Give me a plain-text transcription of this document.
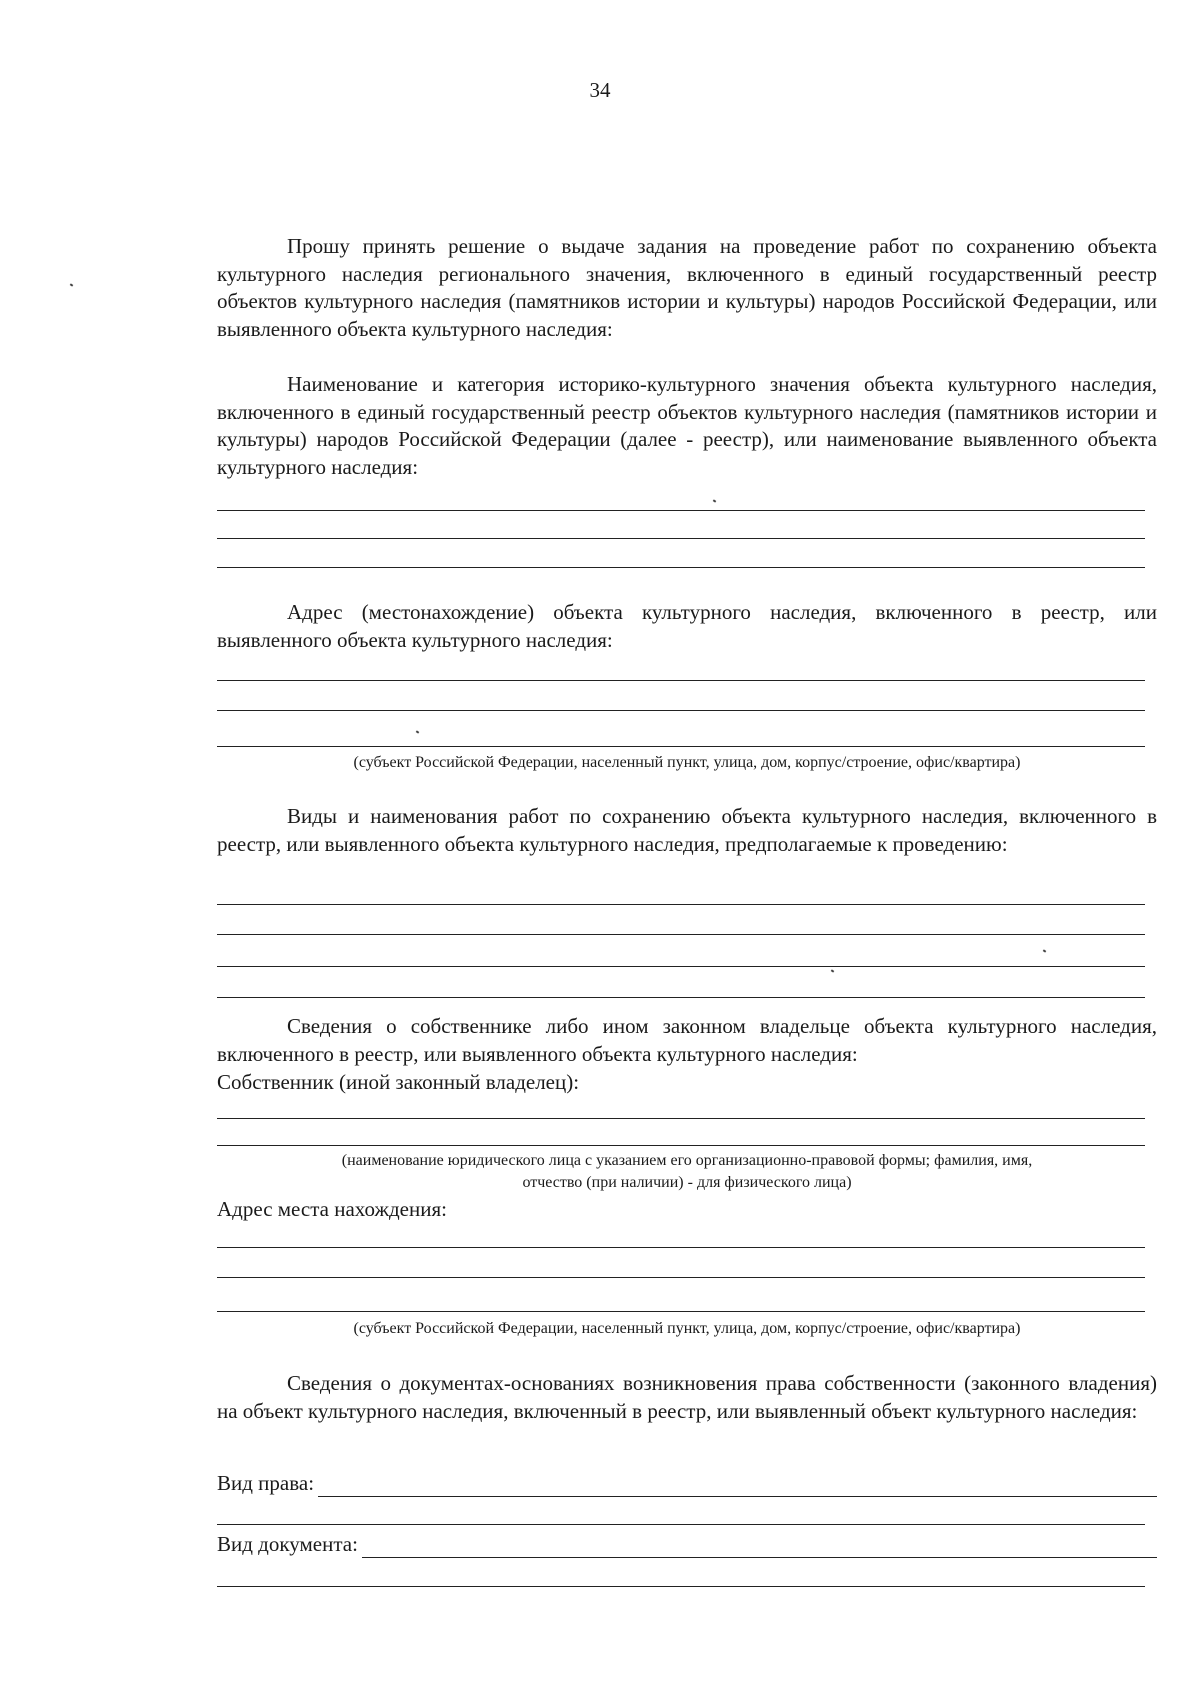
34

Прошу принять решение о выдаче задания на проведение работ по сохранению объекта культурного наследия регионального значения, включенного в единый государственный реестр объектов культурного наследия (памятников истории и культуры) народов Российской Федерации, или выявленного объекта культурного наследия:

Наименование и категория историко-культурного значения объекта культурного наследия, включенного в единый государственный реестр объектов культурного наследия (памятников истории и культуры) народов Российской Федерации (далее - реестр), или наименование выявленного объекта культурного наследия:

Адрес (местонахождение) объекта культурного наследия, включенного в реестр, или выявленного объекта культурного наследия:

(субъект Российской Федерации, населенный пункт, улица, дом, корпус/строение, офис/квартира)

Виды и наименования работ по сохранению объекта культурного наследия, включенного в реестр, или выявленного объекта культурного наследия, предполагаемые к проведению:

Сведения о собственнике либо ином законном владельце объекта культурного наследия, включенного в реестр, или выявленного объекта культурного наследия:

Собственник (иной законный владелец):
(наименование юридического лица с указанием его организационно-правовой формы; фамилия, имя,
отчество (при наличии) - для физического лица)
Адрес места нахождения:
(субъект Российской Федерации, населенный пункт, улица, дом, корпус/строение, офис/квартира)

Сведения о документах-основаниях возникновения права собственности (законного владения) на объект культурного наследия, включенный в реестр, или выявленный объект культурного наследия:

Вид права:
Вид документа:
